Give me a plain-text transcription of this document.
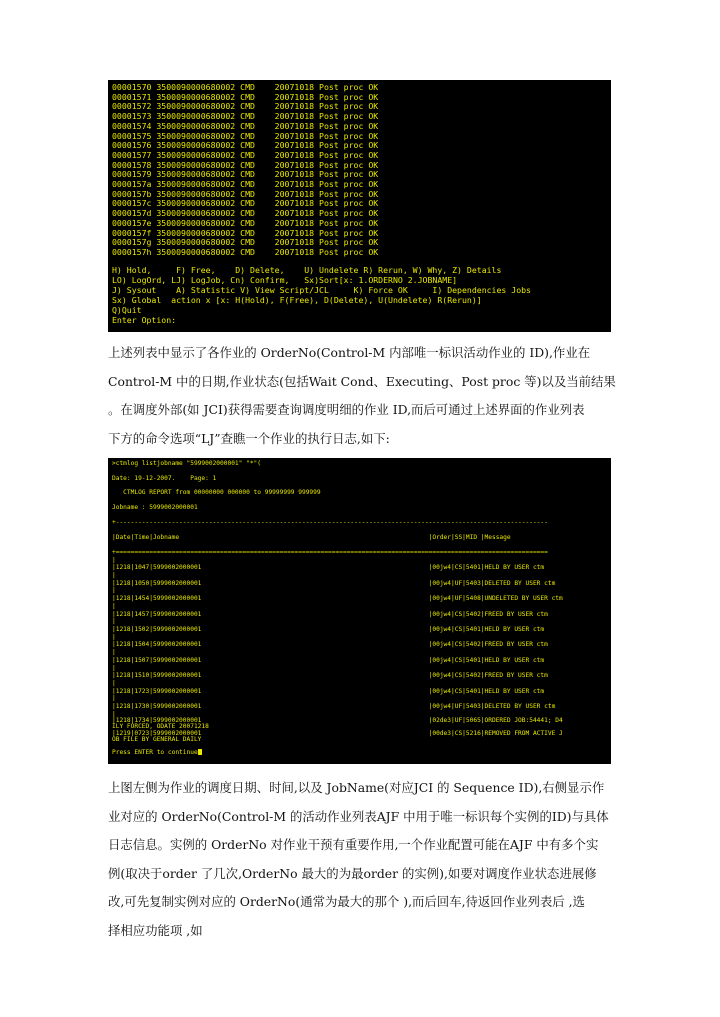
00001570 3500090000680002 CMD    20071018 Post proc OK
00001571 3500090000680002 CMD    20071018 Post proc OK
00001572 3500090000680002 CMD    20071018 Post proc OK
00001573 3500090000680002 CMD    20071018 Post proc OK
00001574 3500090000680002 CMD    20071018 Post proc OK
00001575 3500090000680002 CMD    20071018 Post proc OK
00001576 3500090000680002 CMD    20071018 Post proc OK
00001577 3500090000680002 CMD    20071018 Post proc OK
00001578 3500090000680002 CMD    20071018 Post proc OK
00001579 3500090000680002 CMD    20071018 Post proc OK
0000157a 3500090000680002 CMD    20071018 Post proc OK
0000157b 3500090000680002 CMD    20071018 Post proc OK
0000157c 3500090000680002 CMD    20071018 Post proc OK
0000157d 3500090000680002 CMD    20071018 Post proc OK
0000157e 3500090000680002 CMD    20071018 Post proc OK
0000157f 3500090000680002 CMD    20071018 Post proc OK
0000157g 3500090000680002 CMD    20071018 Post proc OK
0000157h 3500090000680002 CMD    20071018 Post proc OK
H) Hold,     F) Free,    D) Delete,    U) Undelete R) Rerun, W) Why, Z) Details
LO) LogOrd, LJ) LogJob, Cn) Confirm,   Sx)Sort[x: 1.ORDERNO 2.JOBNAME]
J) Sysout    A) Statistic V) View Script/JCL     K) Force OK     I) Dependencies Jobs
Sx) Global  action x [x: H(Hold), F(Free), D(Delete), U(Undelete) R(Rerun)]
Q)Quit
Enter Option:
上述列表中显示了各作业的 OrderNo(Control-M 内部唯一标识活动作业的 ID),作业在
Control-M 中的日期,作业状态(包括Wait Cond、Executing、Post proc 等)以及当前结果
。在调度外部(如 JCI)获得需要查询调度明细的作业 ID,而后可通过上述界面的作业列表
下方的命令选项“LJ”查瞧一个作业的执行日志,如下:
>ctmlog listjobname "5999002000001" "*"(
Date: 19-12-2007.    Page: 1
CTMLOG REPORT from 00000000 000000 to 99999999 999999
Jobname : 5999002000001
+--------------------------------------------------------------------------------------------------------------------
|Date|Time|Jobname                                                                   |Order|SS|MID |Message
+====================================================================================================================
|
|1218|1047|5999002000001                                                             |00jw4|CS|5401|HELD BY USER ctm
|
|1218|1050|5999002000001                                                             |00jw4|UF|5403|DELETED BY USER ctm
|
|1218|1454|5999002000001                                                             |00jw4|UF|5408|UNDELETED BY USER ctm
|
|1218|1457|5999002000001                                                             |00jw4|CS|5402|FREED BY USER ctm
|
|1218|1502|5999002000001                                                             |00jw4|CS|5401|HELD BY USER ctm
|
|1218|1504|5999002000001                                                             |00jw4|CS|5402|FREED BY USER ctm
|
|1218|1507|5999002000001                                                             |00jw4|CS|5401|HELD BY USER ctm
|
|1218|1510|5999002000001                                                             |00jw4|CS|5402|FREED BY USER ctm
|
|1218|1723|5999002000001                                                             |00jw4|CS|5401|HELD BY USER ctm
|
|1218|1730|5999002000001                                                             |00jw4|UF|5403|DELETED BY USER ctm
|
|1218|1734|5999002000001                                                             |02de3|UF|5065|ORDERED JOB:54441; D4
ILY FORCED, ODATE 20071218
|1219|0723|5999002000001                                                             |00de3|CS|5216|REMOVED FROM ACTIVE J
OB FILE BY GENERAL DAILY
Press ENTER to continue
上图左侧为作业的调度日期、时间,以及 JobName(对应JCI 的 Sequence ID),右侧显示作
业对应的 OrderNo(Control-M 的活动作业列表AJF 中用于唯一标识每个实例的ID)与具体
日志信息。实例的 OrderNo 对作业干预有重要作用,一个作业配置可能在AJF 中有多个实
例(取决于order 了几次,OrderNo 最大的为最order 的实例),如要对调度作业状态进展修
改,可先复制实例对应的 OrderNo(通常为最大的那个 ),而后回车,待返回作业列表后 ,选
择相应功能项 ,如
